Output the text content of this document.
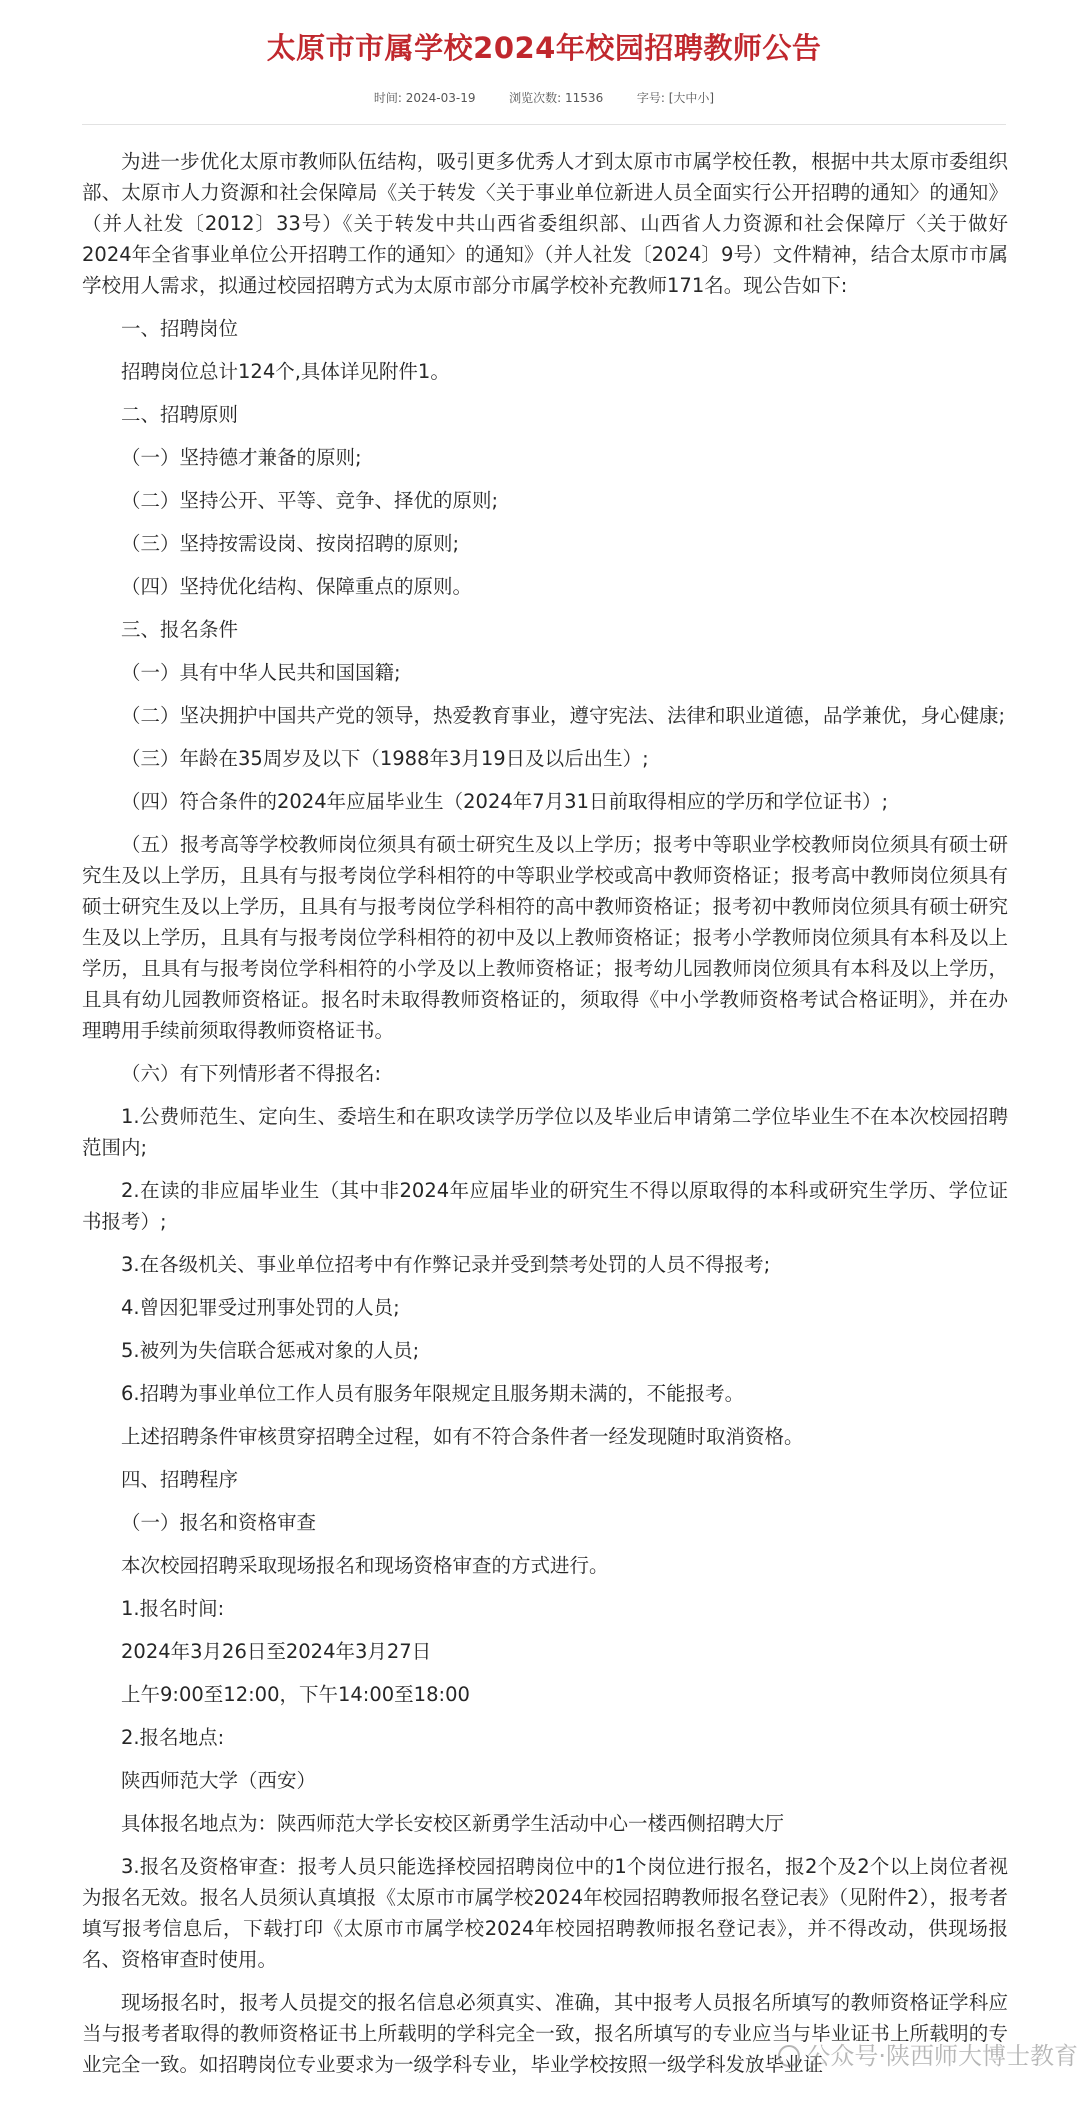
太原市市属学校2024年校园招聘教师公告
时间: 2024-03-19	浏览次数: 11536	字号: [大中小]

为进一步优化太原市教师队伍结构，吸引更多优秀人才到太原市市属学校任教，根据中共太原市委组织部、太原市人力资源和社会保障局《关于转发〈关于事业单位新进人员全面实行公开招聘的通知〉的通知》（并人社发〔2012〕33号）《关于转发中共山西省委组织部、山西省人力资源和社会保障厅〈关于做好2024年全省事业单位公开招聘工作的通知〉的通知》（并人社发〔2024〕9号）文件精神，结合太原市市属学校用人需求，拟通过校园招聘方式为太原市部分市属学校补充教师171名。现公告如下:

一、招聘岗位

招聘岗位总计124个,具体详见附件1。

二、招聘原则

（一）坚持德才兼备的原则;

（二）坚持公开、平等、竞争、择优的原则;

（三）坚持按需设岗、按岗招聘的原则;

（四）坚持优化结构、保障重点的原则。

三、报名条件

（一）具有中华人民共和国国籍;

（二）坚决拥护中国共产党的领导，热爱教育事业，遵守宪法、法律和职业道德，品学兼优，身心健康;

（三）年龄在35周岁及以下（1988年3月19日及以后出生）;

（四）符合条件的2024年应届毕业生（2024年7月31日前取得相应的学历和学位证书）;

（五）报考高等学校教师岗位须具有硕士研究生及以上学历；报考中等职业学校教师岗位须具有硕士研究生及以上学历，且具有与报考岗位学科相符的中等职业学校或高中教师资格证；报考高中教师岗位须具有硕士研究生及以上学历，且具有与报考岗位学科相符的高中教师资格证；报考初中教师岗位须具有硕士研究生及以上学历，且具有与报考岗位学科相符的初中及以上教师资格证；报考小学教师岗位须具有本科及以上学历，且具有与报考岗位学科相符的小学及以上教师资格证；报考幼儿园教师岗位须具有本科及以上学历，且具有幼儿园教师资格证。报名时未取得教师资格证的，须取得《中小学教师资格考试合格证明》，并在办理聘用手续前须取得教师资格证书。

（六）有下列情形者不得报名:

1.公费师范生、定向生、委培生和在职攻读学历学位以及毕业后申请第二学位毕业生不在本次校园招聘范围内;

2.在读的非应届毕业生（其中非2024年应届毕业的研究生不得以原取得的本科或研究生学历、学位证书报考）;

3.在各级机关、事业单位招考中有作弊记录并受到禁考处罚的人员不得报考;

4.曾因犯罪受过刑事处罚的人员;

5.被列为失信联合惩戒对象的人员;

6.招聘为事业单位工作人员有服务年限规定且服务期未满的，不能报考。

上述招聘条件审核贯穿招聘全过程，如有不符合条件者一经发现随时取消资格。

四、招聘程序

（一）报名和资格审查

本次校园招聘采取现场报名和现场资格审查的方式进行。

1.报名时间:

2024年3月26日至2024年3月27日

上午9:00至12:00，下午14:00至18:00

2.报名地点:

陕西师范大学（西安）

具体报名地点为：陕西师范大学长安校区新勇学生活动中心一楼西侧招聘大厅

3.报名及资格审查：报考人员只能选择校园招聘岗位中的1个岗位进行报名，报2个及2个以上岗位者视为报名无效。报名人员须认真填报《太原市市属学校2024年校园招聘教师报名登记表》（见附件2），报考者填写报考信息后，下载打印《太原市市属学校2024年校园招聘教师报名登记表》，并不得改动，供现场报名、资格审查时使用。

现场报名时，报考人员提交的报名信息必须真实、准确，其中报考人员报名所填写的教师资格证学科应当与报考者取得的教师资格证书上所载明的学科完全一致，报名所填写的专业应当与毕业证书上所载明的专业完全一致。如招聘岗位专业要求为一级学科专业，毕业学校按照一级学科发放毕业证

公众号·陕西师大博士教育
